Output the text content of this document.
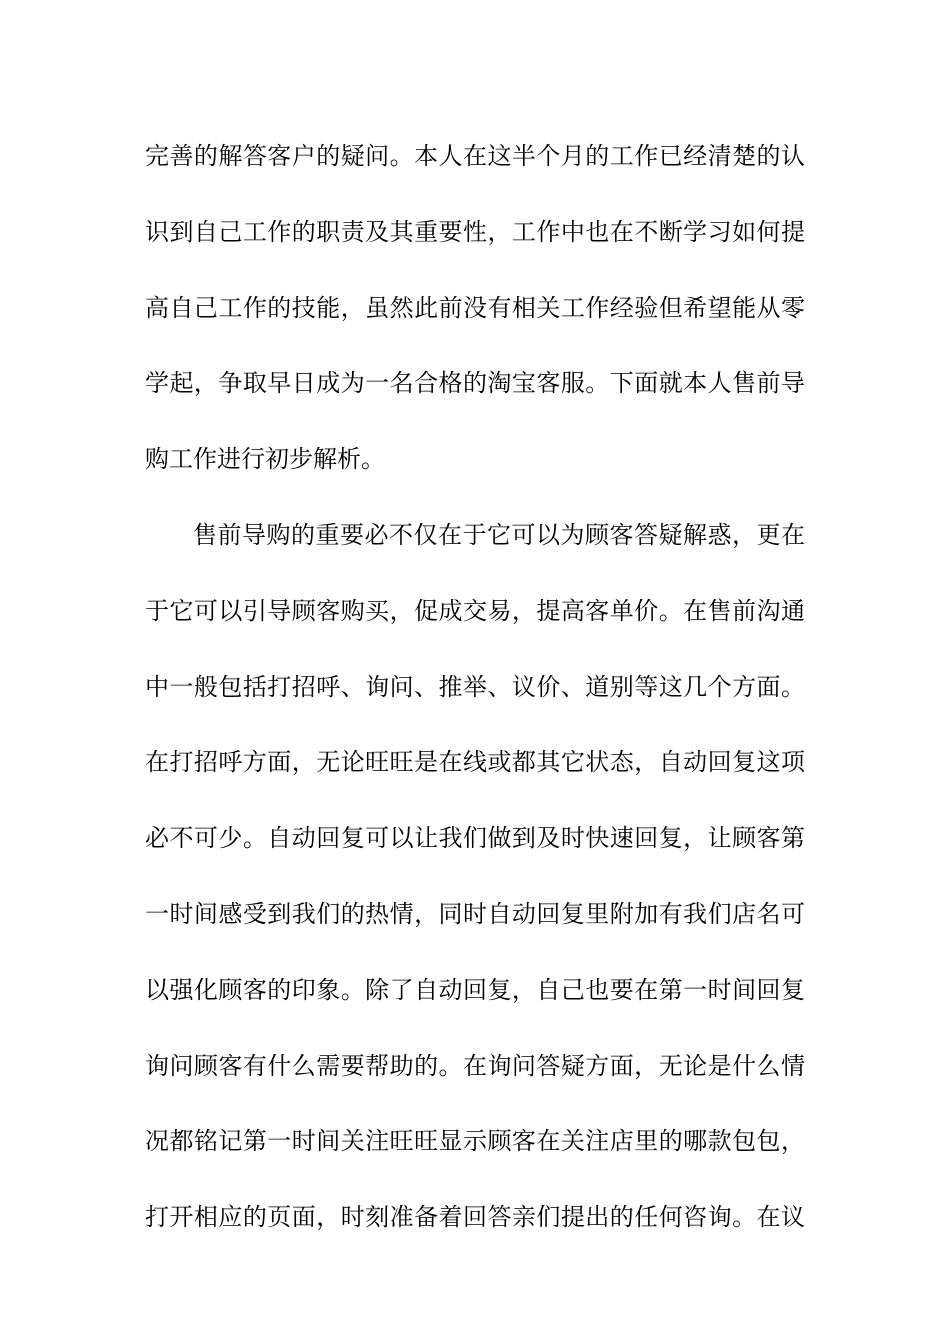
完善的解答客户的疑问。本人在这半个月的工作已经清楚的认
识到自己工作的职责及其重要性，工作中也在不断学习如何提
高自己工作的技能，虽然此前没有相关工作经验但希望能从零
学起，争取早日成为一名合格的淘宝客服。下面就本人售前导
购工作进行初步解析。
售前导购的重要必不仅在于它可以为顾客答疑解惑，更在
于它可以引导顾客购买，促成交易，提高客单价。在售前沟通
中一般包括打招呼、询问、推举、议价、道别等这几个方面。
在打招呼方面，无论旺旺是在线或都其它状态，自动回复这项
必不可少。自动回复可以让我们做到及时快速回复，让顾客第
一时间感受到我们的热情，同时自动回复里附加有我们店名可
以强化顾客的印象。除了自动回复，自己也要在第一时间回复
询问顾客有什么需要帮助的。在询问答疑方面，无论是什么情
况都铭记第一时间关注旺旺显示顾客在关注店里的哪款包包，
打开相应的页面，时刻准备着回答亲们提出的任何咨询。在议
